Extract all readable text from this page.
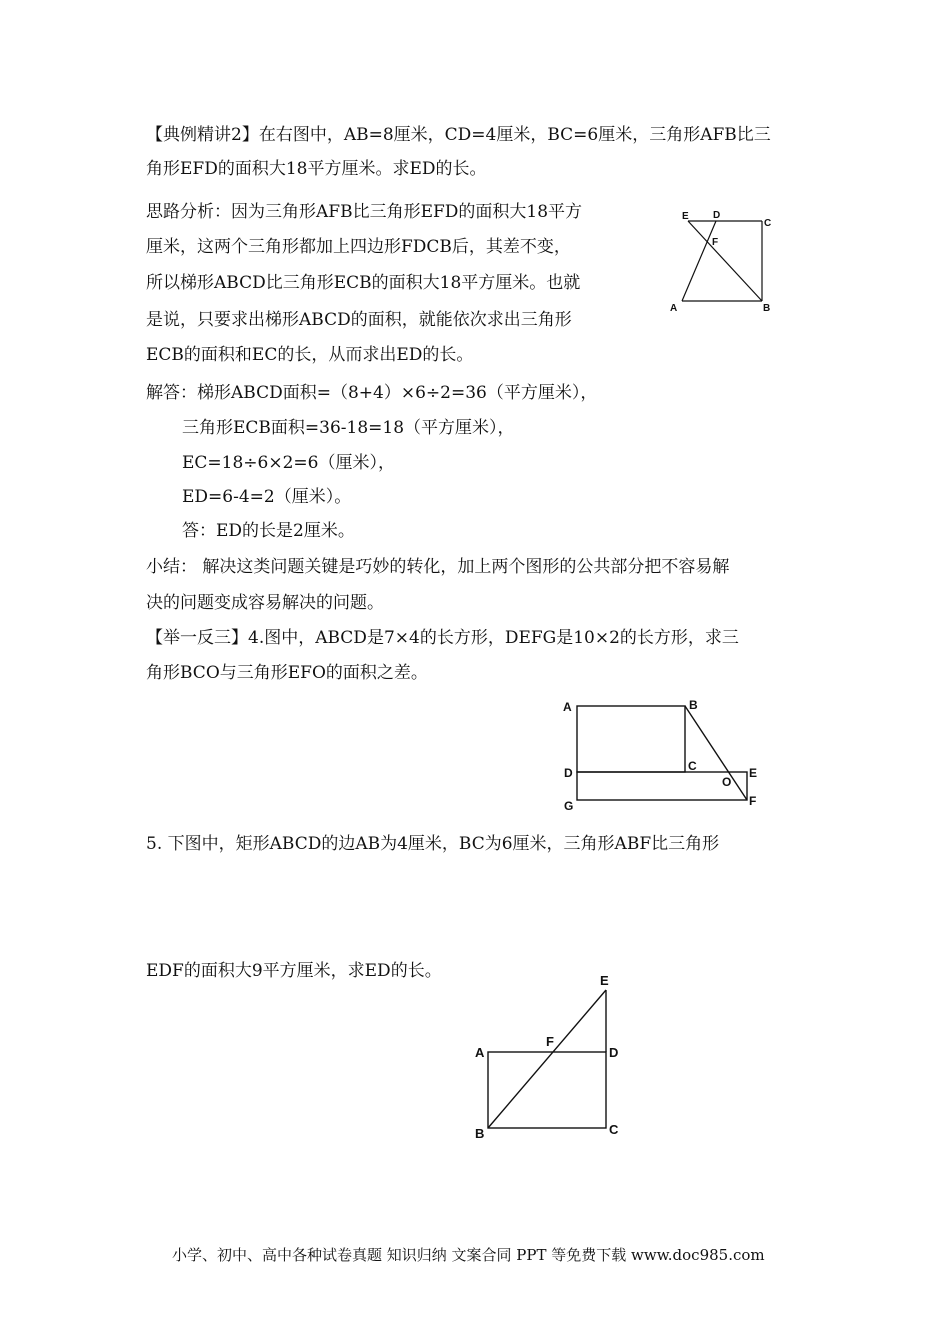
【典例精讲2】在右图中，AB=8厘米，CD=4厘米，BC=6厘米，三角形AFB比三
角形EFD的面积大18平方厘米。求ED的长。
思路分析：因为三角形AFB比三角形EFD的面积大18平方
厘米，这两个三角形都加上四边形FDCB后，其差不变，
所以梯形ABCD比三角形ECB的面积大18平方厘米。也就
是说，只要求出梯形ABCD的面积，就能依次求出三角形
ECB的面积和EC的长，从而求出ED的长。
E D
C
F
A	B
解答：梯形ABCD面积=（8+4）×6÷2=36（平方厘米），
三角形ECB面积=36-18=18（平方厘米），
EC=18÷6×2=6（厘米），
ED=6-4=2（厘米）。
答：ED的长是2厘米。
小结： 解决这类问题关键是巧妙的转化，加上两个图形的公共部分把不容易解
决的问题变成容易解决的问题。
【举一反三】4.图中，ABCD是7×4的长方形，DEFG是10×2的长方形，求三
角形BCO与三角形EFO的面积之差。
A	B
C
D	E
O
G	F
5. 下图中，矩形ABCD的边AB为4厘米，BC为6厘米，三角形ABF比三角形
EDF的面积大9平方厘米，求ED的长。	E
A
F
D
B	C
小学、初中、高中各种试卷真题 知识归纳 文案合同 PPT 等免费下载 www.doc985.com
